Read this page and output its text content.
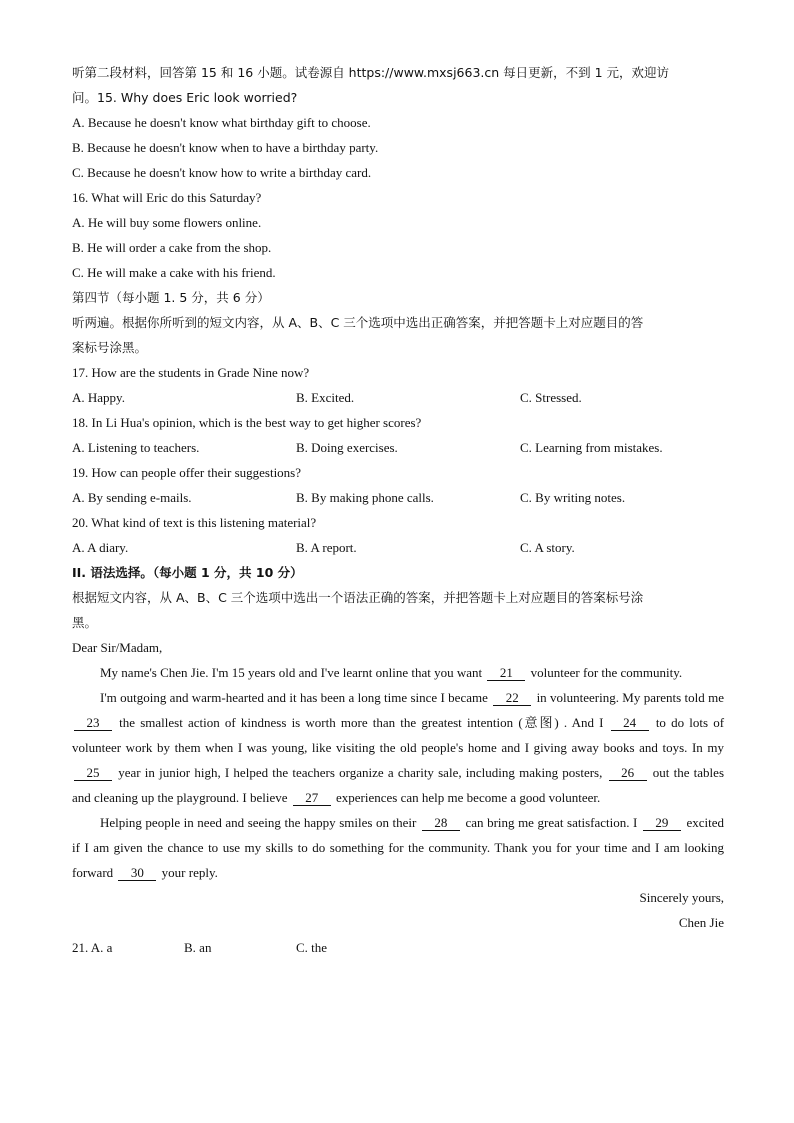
听第二段材料，回答第 15 和 16 小题。试卷源自 https://www.mxsj663.cn 每日更新，不到 1 元，欢迎访
问。15. Why does Eric look worried?
A. Because he doesn't know what birthday gift to choose.
B. Because he doesn't know when to have a birthday party.
C. Because he doesn't know how to write a birthday card.
16. What will Eric do this Saturday?
A. He will buy some flowers online.
B. He will order a cake from the shop.
C. He will make a cake with his friend.
第四节（每小题 1. 5 分，共 6 分）
听两遍。根据你所听到的短文内容，从 A、B、C 三个选项中选出正确答案，并把答题卡上对应题目的答
案标号涂黑。
17. How are the students in Grade Nine now?
A. Happy.	B. Excited.	C. Stressed.
18. In Li Hua's opinion, which is the best way to get higher scores?
A. Listening to teachers.	B. Doing exercises.	C. Learning from mistakes.
19. How can people offer their suggestions?
A. By sending e-mails.	B. By making phone calls.	C. By writing notes.
20. What kind of text is this listening material?
A. A diary.	B. A report.	C. A story.
II. 语法选择。（每小题 1 分，共 10 分）
根据短文内容，从 A、B、C 三个选项中选出一个语法正确的答案，并把答题卡上对应题目的答案标号涂
黑。
Dear Sir/Madam,
My name's Chen Jie. I'm 15 years old and I've learnt online that you want 21 volunteer for the community.
I'm outgoing and warm-hearted and it has been a long time since I became 22 in volunteering. My parents told me 23 the smallest action of kindness is worth more than the greatest intention (意图) . And I 24 to do lots of volunteer work by them when I was young, like visiting the old people's home and I giving away books and toys. In my 25 year in junior high, I helped the teachers organize a charity sale, including making posters, 26 out the tables and cleaning up the playground. I believe 27 experiences can help me become a good volunteer.
Helping people in need and seeing the happy smiles on their 28 can bring me great satisfaction. I 29 excited if I am given the chance to use my skills to do something for the community. Thank you for your time and I am looking forward 30 your reply.
Sincerely yours,
Chen Jie
21. A. a	B. an	C. the
